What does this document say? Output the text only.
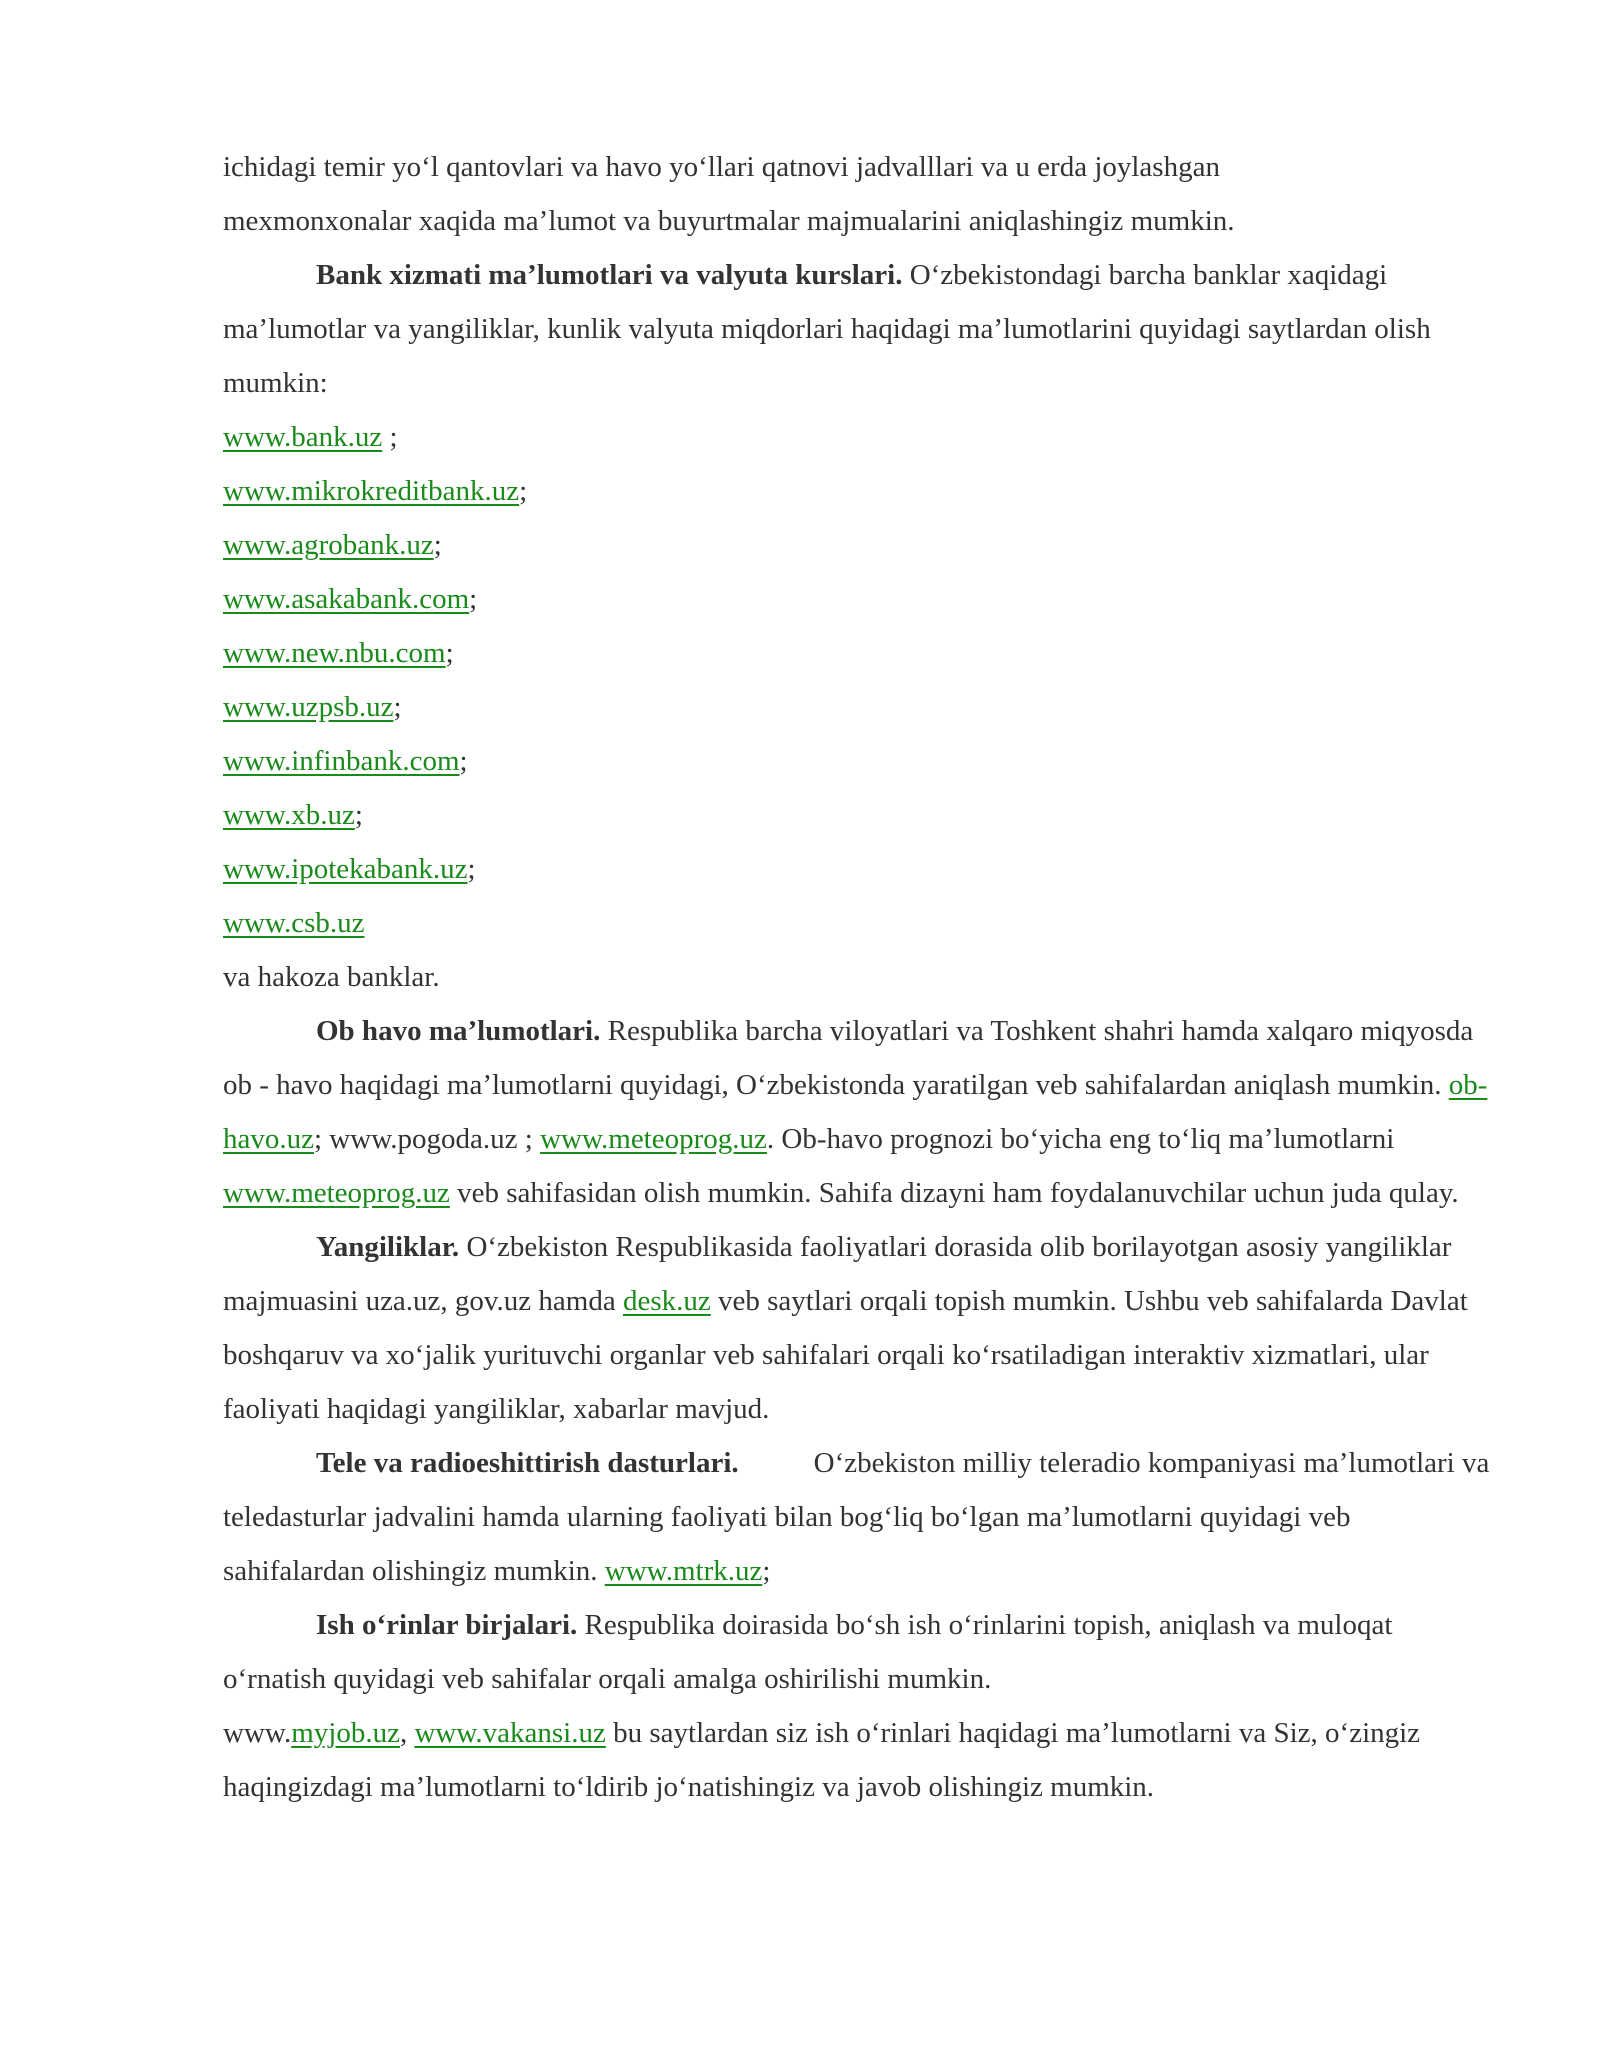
ichidagi temir yo‘l qantovlari va havo yo‘llari qatnovi jadvalllari va u erda joylashgan
mexmonxonalar xaqida ma’lumot va buyurtmalar majmualarini aniqlashingiz mumkin.

Bank xizmati ma’lumotlari va valyuta kurslari. O‘zbekistondagi barcha banklar xaqidagi ma’lumotlar va yangiliklar, kunlik valyuta miqdorlari haqidagi ma’lumotlarini quyidagi saytlardan olish mumkin:

www.bank.uz ;

www.mikrokreditbank.uz;

www.agrobank.uz;

www.asakabank.com;

www.new.nbu.com;

www.uzpsb.uz;

www.infinbank.com;

www.xb.uz;

www.ipotekabank.uz;

www.csb.uz

va hakoza banklar.

Ob havo ma’lumotlari. Respublika barcha viloyatlari va Toshkent shahri hamda xalqaro miqyosda ob - havo haqidagi ma’lumotlarni quyidagi, O‘zbekistonda yaratilgan veb sahifalardan aniqlash mumkin. ob-havo.uz; www.pogoda.uz ; www.meteoprog.uz. Ob-havo prognozi bo‘yicha eng to‘liq ma’lumotlarni www.meteoprog.uz veb sahifasidan olish mumkin. Sahifa dizayni ham foydalanuvchilar uchun juda qulay.

Yangiliklar. O‘zbekiston Respublikasida faoliyatlari dorasida olib borilayotgan asosiy yangiliklar majmuasini uza.uz, gov.uz hamda desk.uz veb saytlari orqali topish mumkin. Ushbu veb sahifalarda Davlat boshqaruv va xo‘jalik yurituvchi organlar veb sahifalari orqali ko‘rsatiladigan interaktiv xizmatlari, ular faoliyati haqidagi yangiliklar, xabarlar mavjud.

Tele va radioeshittirish dasturlari.	O‘zbekiston milliy teleradio kompaniyasi ma’lumotlari va teledasturlar jadvalini hamda ularning faoliyati bilan bog‘liq bo‘lgan ma’lumotlarni quyidagi veb sahifalardan olishingiz mumkin. www.mtrk.uz;

Ish o‘rinlar birjalari. Respublika doirasida bo‘sh ish o‘rinlarini topish, aniqlash va muloqat o‘rnatish quyidagi veb sahifalar orqali amalga oshirilishi mumkin.

www.myjob.uz, www.vakansi.uz bu saytlardan siz ish o‘rinlari haqidagi ma’lumotlarni va Siz, o‘zingiz haqingizdagi ma’lumotlarni to‘ldirib jo‘natishingiz va javob olishingiz mumkin.
